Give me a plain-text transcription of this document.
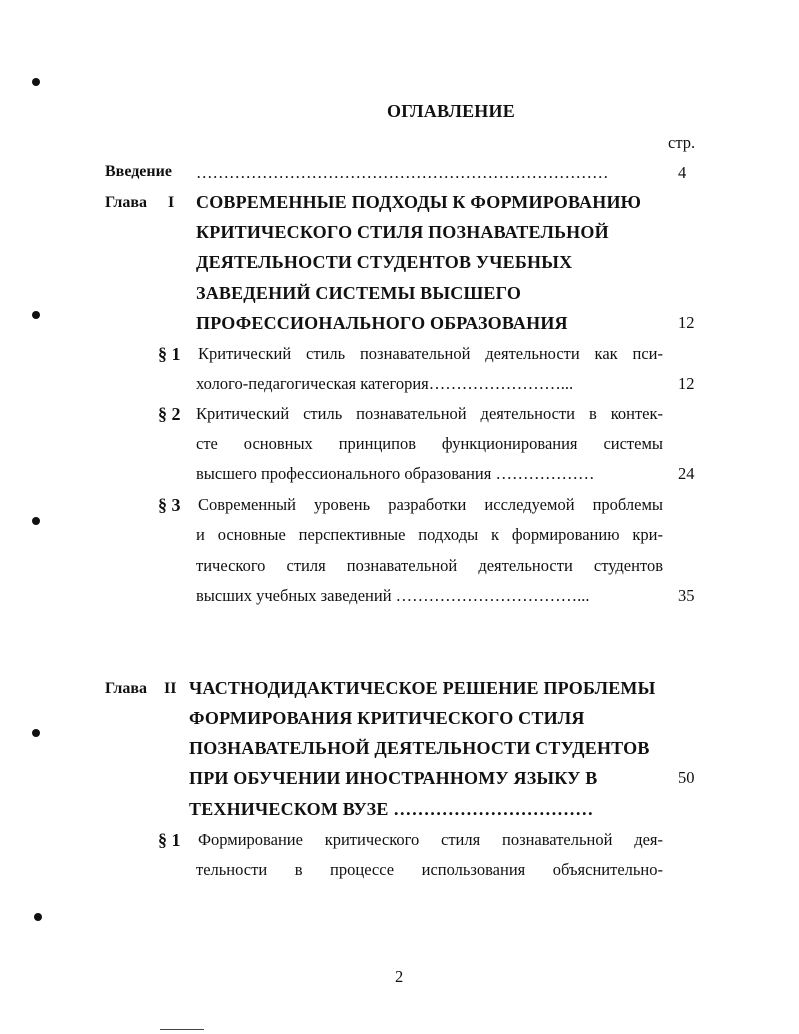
ОГЛАВЛЕНИЕ
стр.
Введение …………………………………………………………………	4
Глава I СОВРЕМЕННЫЕ ПОДХОДЫ К ФОРМИРОВАНИЮ
КРИТИЧЕСКОГО СТИЛЯ ПОЗНАВАТЕЛЬНОЙ
ДЕЯТЕЛЬНОСТИ СТУДЕНТОВ УЧЕБНЫХ
ЗАВЕДЕНИЙ СИСТЕМЫ ВЫСШЕГО
ПРОФЕССИОНАЛЬНОГО ОБРАЗОВАНИЯ	12
§ 1 Критический стиль познавательной деятельности как пси-
холого-педагогическая категория……………………...	12
§ 2 Критический стиль познавательной деятельности в контек-
сте основных принципов функционирования системы
высшего профессионального образования ………………	24
§ 3 Современный уровень разработки исследуемой проблемы
и основные перспективные подходы к формированию кри-
тического стиля познавательной деятельности студентов
высших учебных заведений ……………………………...	35
Глава II ЧАСТНОДИДАКТИЧЕСКОЕ РЕШЕНИЕ ПРОБЛЕМЫ
ФОРМИРОВАНИЯ КРИТИЧЕСКОГО СТИЛЯ
ПОЗНАВАТЕЛЬНОЙ ДЕЯТЕЛЬНОСТИ СТУДЕНТОВ
ПРИ ОБУЧЕНИИ ИНОСТРАННОМУ ЯЗЫКУ В	50
ТЕХНИЧЕСКОМ ВУЗЕ ……………………………
§ 1 Формирование критического стиля познавательной дея-
тельности в процессе использования объяснительно-
2
